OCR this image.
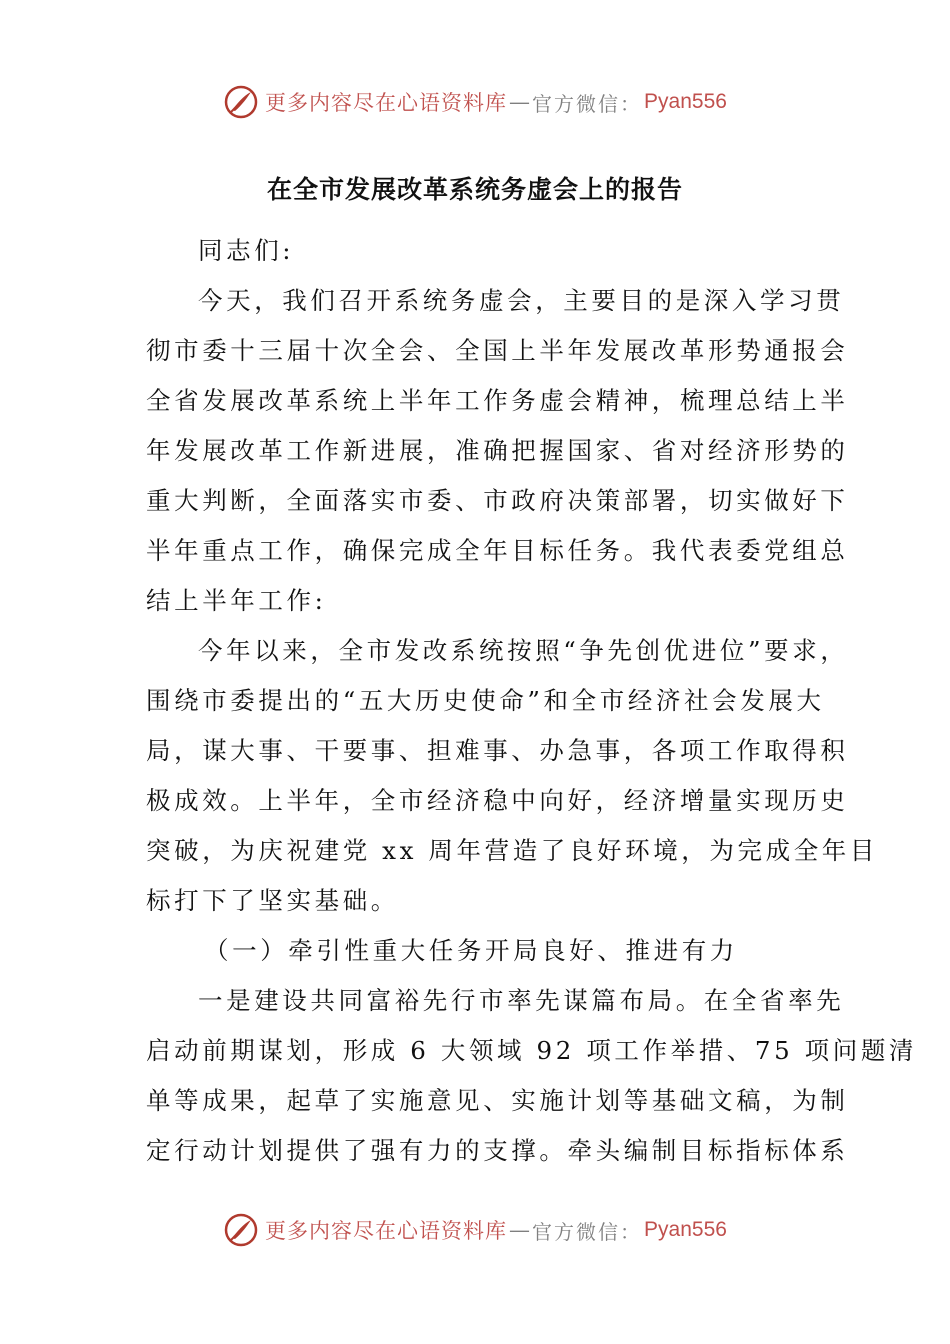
更多内容尽在心语资料库 — 官方微信： Pyan556
在全市发展改革系统务虚会上的报告
同志们:
今天，我们召开系统务虚会，主要目的是深入学习贯
彻市委十三届十次全会、全国上半年发展改革形势通报会
全省发展改革系统上半年工作务虚会精神，梳理总结上半
年发展改革工作新进展，准确把握国家、省对经济形势的
重大判断，全面落实市委、市政府决策部署，切实做好下
半年重点工作，确保完成全年目标任务。我代表委党组总
结上半年工作:
今年以来，全市发改系统按照“争先创优进位”要求，
围绕市委提出的“五大历史使命”和全市经济社会发展大
局，谋大事、干要事、担难事、办急事，各项工作取得积
极成效。上半年，全市经济稳中向好，经济增量实现历史
突破，为庆祝建党 xx 周年营造了良好环境，为完成全年目
标打下了坚实基础。
（一）牵引性重大任务开局良好、推进有力
一是建设共同富裕先行市率先谋篇布局。在全省率先
启动前期谋划，形成 6 大领域 92 项工作举措、75 项问题清
单等成果，起草了实施意见、实施计划等基础文稿，为制
定行动计划提供了强有力的支撑。牵头编制目标指标体系
更多内容尽在心语资料库 — 官方微信： Pyan556
